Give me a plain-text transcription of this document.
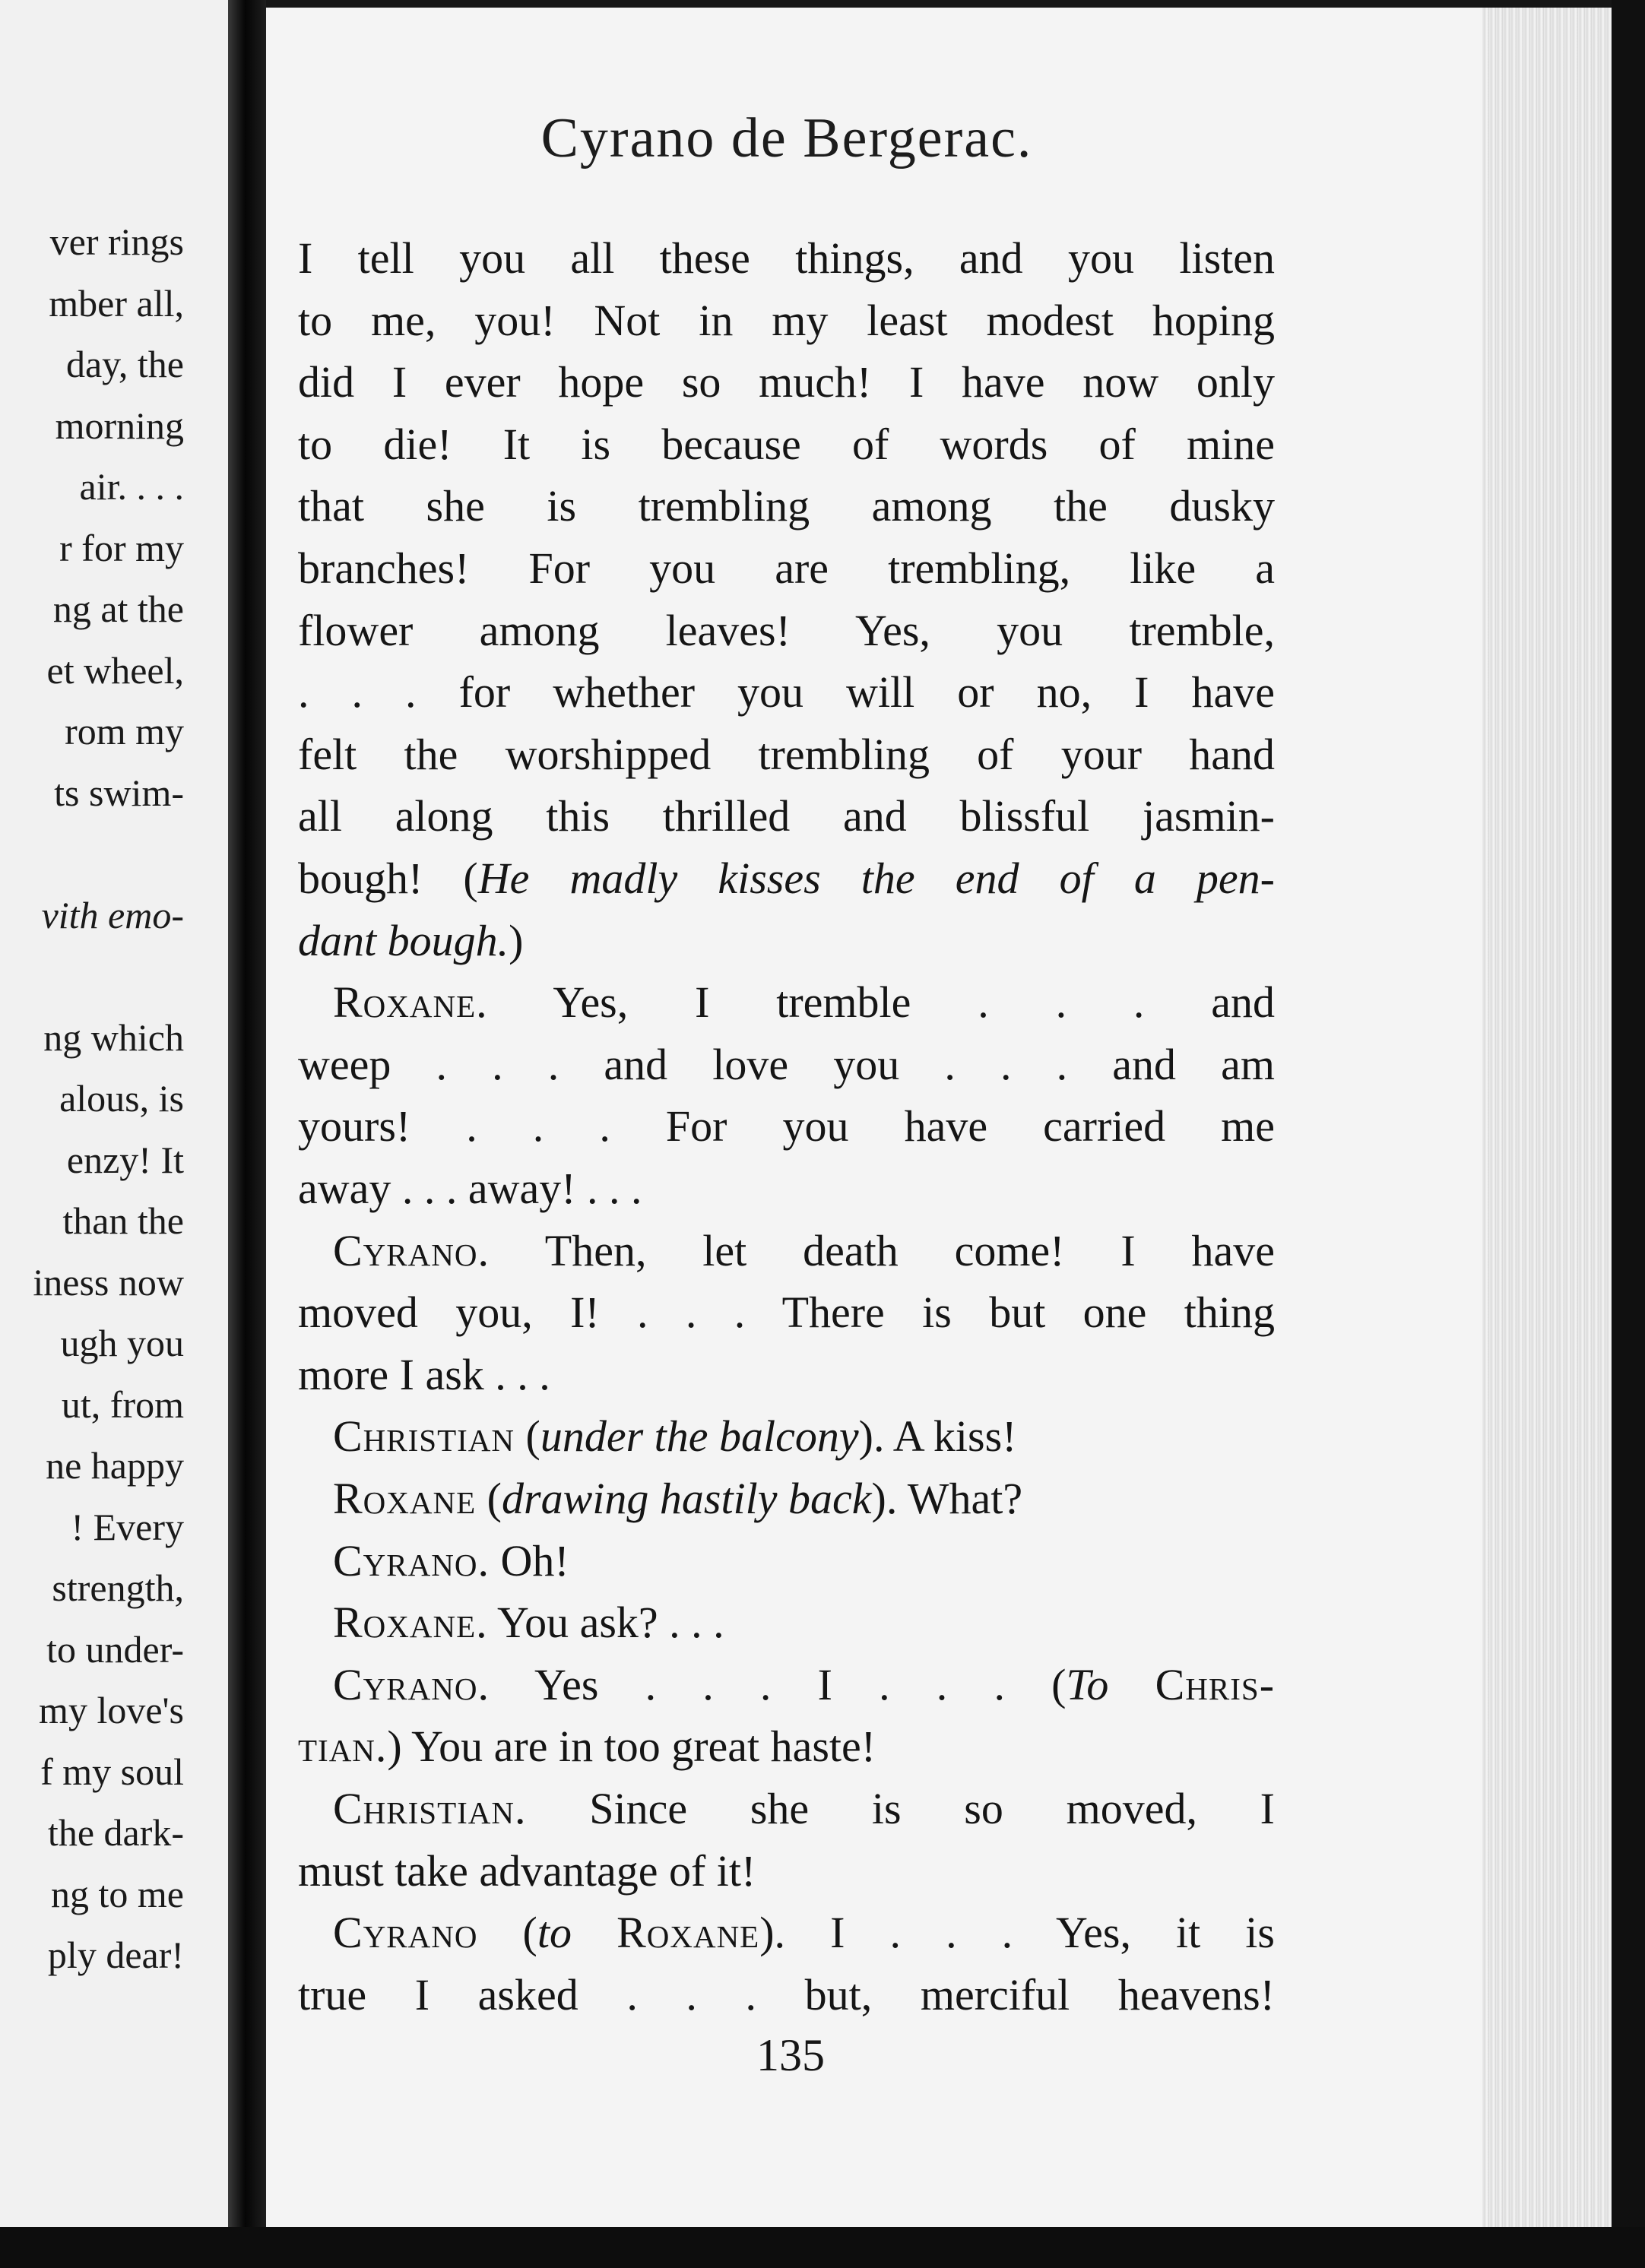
ver rings
mber all,
day, the
morning
air. . . .
r for my
ng at the
et wheel,
rom my
ts swim-
vith emo-
ng which
alous, is
enzy! It
than the
iness now
ugh you
ut, from
ne happy
! Every
strength,
to under-
my love's
f my soul
the dark-
ng to me
ply dear!
Cyrano de Bergerac.
I tell you all these things, and you listen
to me, you! Not in my least modest hoping
did I ever hope so much! I have now only
to die! It is because of words of mine
that she is trembling among the dusky
branches! For you are trembling, like a
flower among leaves! Yes, you tremble,
. . . for whether you will or no, I have
felt the worshipped trembling of your hand
all along this thrilled and blissful jasmin-
bough! (He madly kisses the end of a pen-
dant bough.)
Roxane. Yes, I tremble . . . and
weep . . . and love you . . . and am
yours! . . . For you have carried me
away . . . away! . . .
Cyrano. Then, let death come! I have
moved you, I! . . . There is but one thing
more I ask . . .
Christian (under the balcony). A kiss!
Roxane (drawing hastily back). What?
Cyrano. Oh!
Roxane. You ask? . . .
Cyrano. Yes . . . I . . . (To Chris-
tian.) You are in too great haste!
Christian. Since she is so moved, I
must take advantage of it!
Cyrano (to Roxane). I . . . Yes, it is
true I asked . . . but, merciful heavens!
135
